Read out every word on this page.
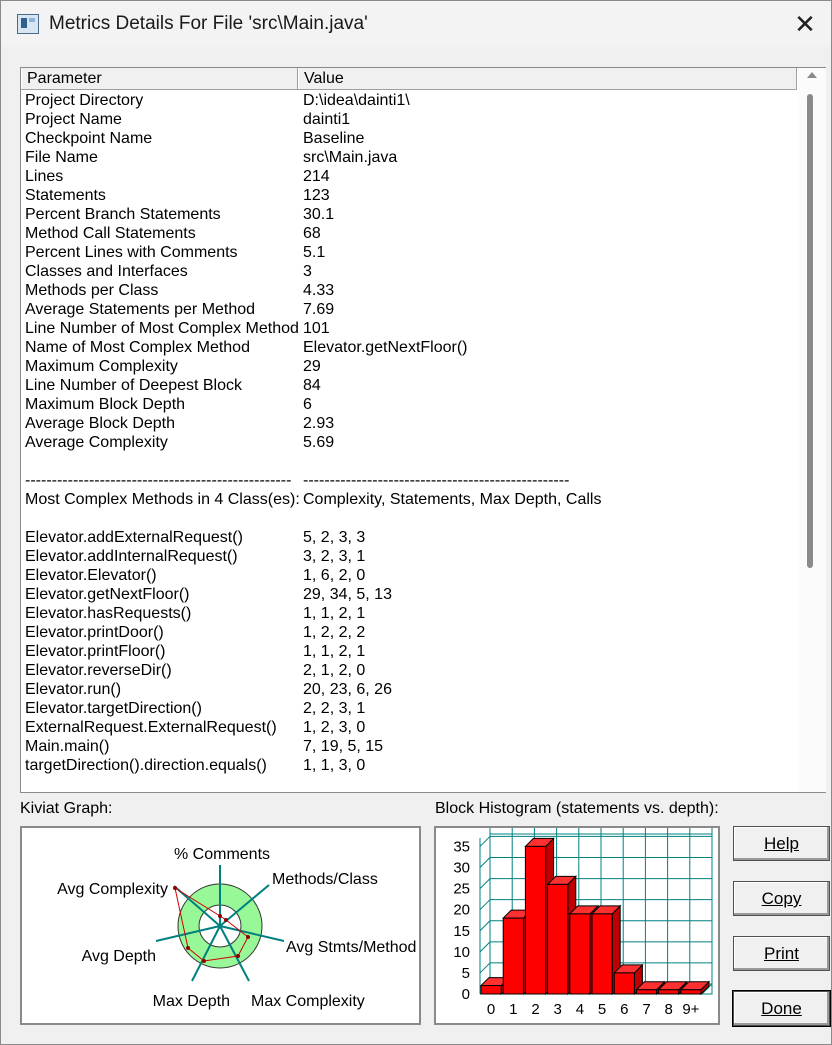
Metrics Details For File 'src\Main.java'	✕
Parameter	Value
Project Directory	D:\idea\dainti1\
Project Name	dainti1
Checkpoint Name	Baseline
File Name	src\Main.java
Lines	214
Statements	123
Percent Branch Statements	30.1
Method Call Statements	68
Percent Lines with Comments	5.1
Classes and Interfaces	3
Methods per Class	4.33
Average Statements per Method	7.69
Line Number of Most Complex Method 101
Name of Most Complex Method	Elevator.getNextFloor()
Maximum Complexity	29
Line Number of Deepest Block	84
Maximum Block Depth	6
Average Block Depth	2.93
Average Complexity	5.69
-------------------------------------------------- --------------------------------------------------
Most Complex Methods in 4 Class(es): Complexity, Statements, Max Depth, Calls
Elevator.addExternalRequest()	5, 2, 3, 3
Elevator.addInternalRequest()	3, 2, 3, 1
Elevator.Elevator()	1, 6, 2, 0
Elevator.getNextFloor()	29, 34, 5, 13
Elevator.hasRequests()	1, 1, 2, 1
Elevator.printDoor()	1, 2, 2, 2
Elevator.printFloor()	1, 1, 2, 1
Elevator.reverseDir()	2, 1, 2, 0
Elevator.run()	20, 23, 6, 26
Elevator.targetDirection()	2, 2, 3, 1
ExternalRequest.ExternalRequest() 1, 2, 3, 0
Main.main()	7, 19, 5, 15
targetDirection().direction.equals() 1, 1, 3, 0
Kiviat Graph:	Block Histogram (statements vs. depth):
% Comments
Methods/Class
Avg Stmts/Method
Max Complexity
Max Depth
Avg Depth
Avg Complexity
35
30
25
20
15
10
5
0
0 1 2 3 4 5 6 7 8 9+
Help
Copy
Print
Done
